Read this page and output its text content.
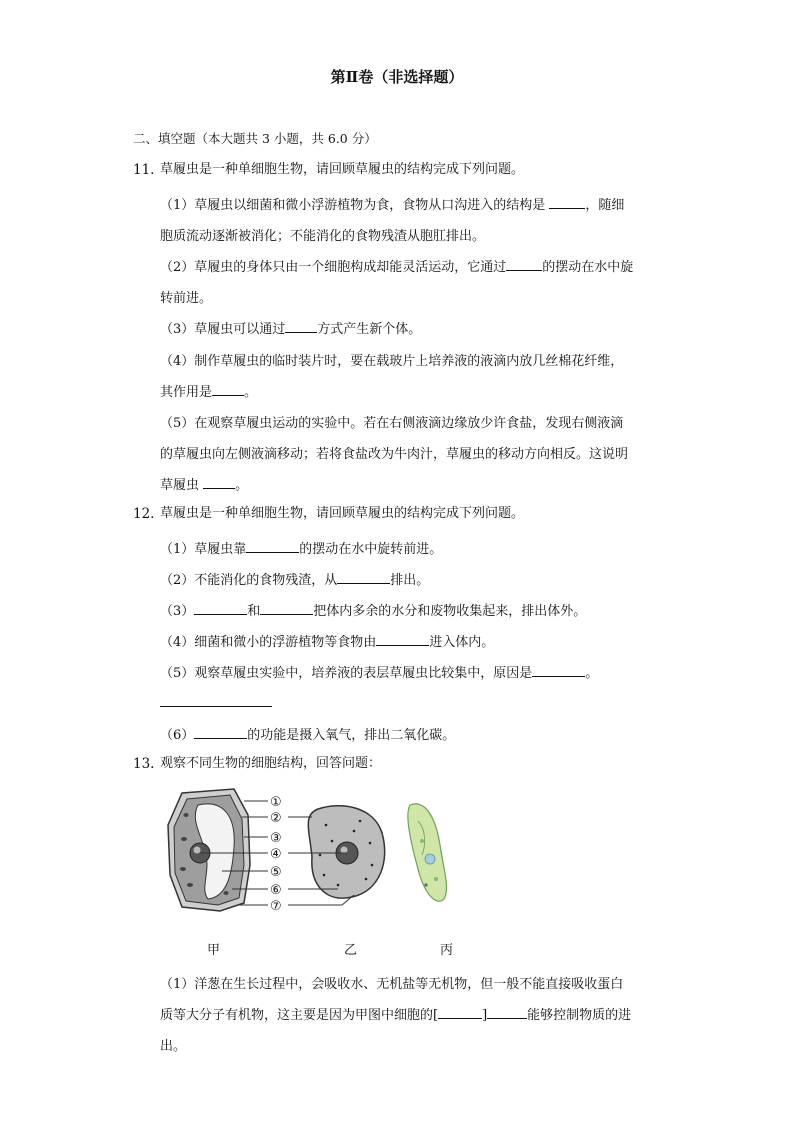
第Ⅱ卷（非选择题）
二、填空题（本大题共 3 小题，共 6.0 分）
11. 草履虫是一种单细胞生物，请回顾草履虫的结构完成下列问题。
（1）草履虫以细菌和微小浮游植物为食，食物从口沟进入的结构是	，随细
胞质流动逐渐被消化；不能消化的食物残渣从胞肛排出。
（2）草履虫的身体只由一个细胞构成却能灵活运动，它通过	的摆动在水中旋
转前进。
（3）草履虫可以通过 方式产生新个体。
（4）制作草履虫的临时装片时，要在载玻片上培养液的液滴内放几丝棉花纤维，
其作用是 。
（5）在观察草履虫运动的实验中。若在右侧液滴边缘放少许食盐，发现右侧液滴
的草履虫向左侧液滴移动；若将食盐改为牛肉汁，草履虫的移动方向相反。这说明
草履虫 。
12. 草履虫是一种单细胞生物，请回顾草履虫的结构完成下列问题。
（1）草履虫靠	的摆动在水中旋转前进。
（2）不能消化的食物残渣，从	排出。
（3）	和	把体内多余的水分和废物收集起来，排出体外。
（4）细菌和微小的浮游植物等食物由	进入体内。
（5）观察草履虫实验中，培养液的表层草履虫比较集中，原因是	。
（6）	的功能是摄入氧气，排出二氧化碳。
13. 观察不同生物的细胞结构，回答问题：
①
②
③
④
⑤
⑥
⑦
甲	乙	丙
（1）洋葱在生长过程中，会吸收水、无机盐等无机物，但一般不能直接吸收蛋白
质等大分子有机物，这主要是因为甲图中细胞的[	]	能够控制物质的进
出。
